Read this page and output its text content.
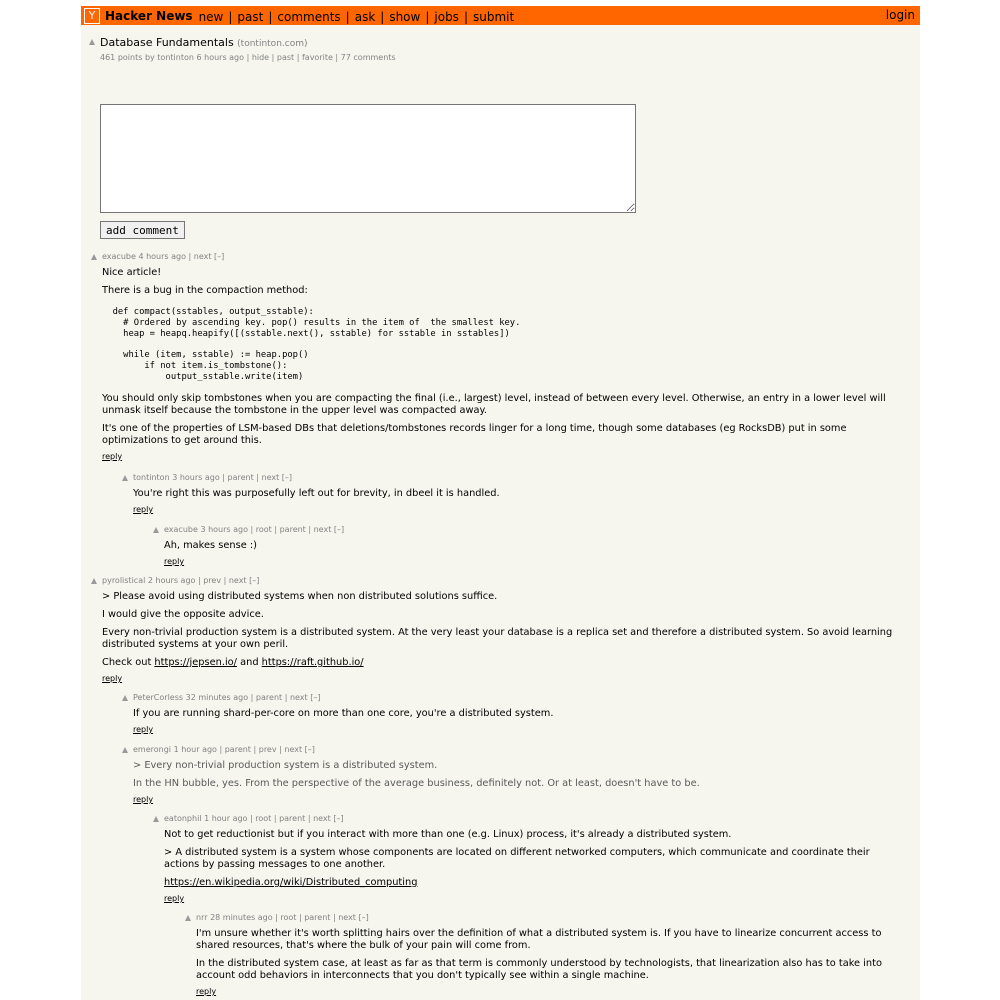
Y Hacker News new | past | comments | ask | show | jobs | submit	login
Database Fundamentals (tontinton.com)
461 points by tontinton 6 hours ago | hide | past | favorite | 77 comments
add comment
exacube 4 hours ago | next [–]

Nice article!

There is a bug in the compaction method:

def compact(sstables, output_sstable):
# Ordered by ascending key. pop() results in the item of  the smallest key.
heap = heapq.heapify([(sstable.next(), sstable) for sstable in sstables])

while (item, sstable) := heap.pop()
if not item.is_tombstone():
output_sstable.write(item)

You should only skip tombstones when you are compacting the final (i.e., largest) level, instead of between every level. Otherwise, an entry in a lower level will unmask itself because the tombstone in the upper level was compacted away.

It's one of the properties of LSM-based DBs that deletions/tombstones records linger for a long time, though some databases (eg RocksDB) put in some optimizations to get around this.

reply
tontinton 3 hours ago | parent | next [–]

You're right this was purposefully left out for brevity, in dbeel it is handled.

reply
exacube 3 hours ago | root | parent | next [–]

Ah, makes sense :)

reply
pyrolistical 2 hours ago | prev | next [–]

> Please avoid using distributed systems when non distributed solutions suffice.

I would give the opposite advice.

Every non-trivial production system is a distributed system. At the very least your database is a replica set and therefore a distributed system. So avoid learning distributed systems at your own peril.

Check out https://jepsen.io/ and https://raft.github.io/

reply
PeterCorless 32 minutes ago | parent | next [–]

If you are running shard-per-core on more than one core, you're a distributed system.

reply
emerongi 1 hour ago | parent | prev | next [–]

> Every non-trivial production system is a distributed system.

In the HN bubble, yes. From the perspective of the average business, definitely not. Or at least, doesn't have to be.

reply
eatonphil 1 hour ago | root | parent | next [–]

Not to get reductionist but if you interact with more than one (e.g. Linux) process, it's already a distributed system.

> A distributed system is a system whose components are located on different networked computers, which communicate and coordinate their actions by passing messages to one another.

https://en.wikipedia.org/wiki/Distributed_computing

reply
nrr 28 minutes ago | root | parent | next [–]

I'm unsure whether it's worth splitting hairs over the definition of what a distributed system is. If you have to linearize concurrent access to shared resources, that's where the bulk of your pain will come from.

In the distributed system case, at least as far as that term is commonly understood by technologists, that linearization also has to take into account odd behaviors in interconnects that you don't typically see within a single machine.

reply
